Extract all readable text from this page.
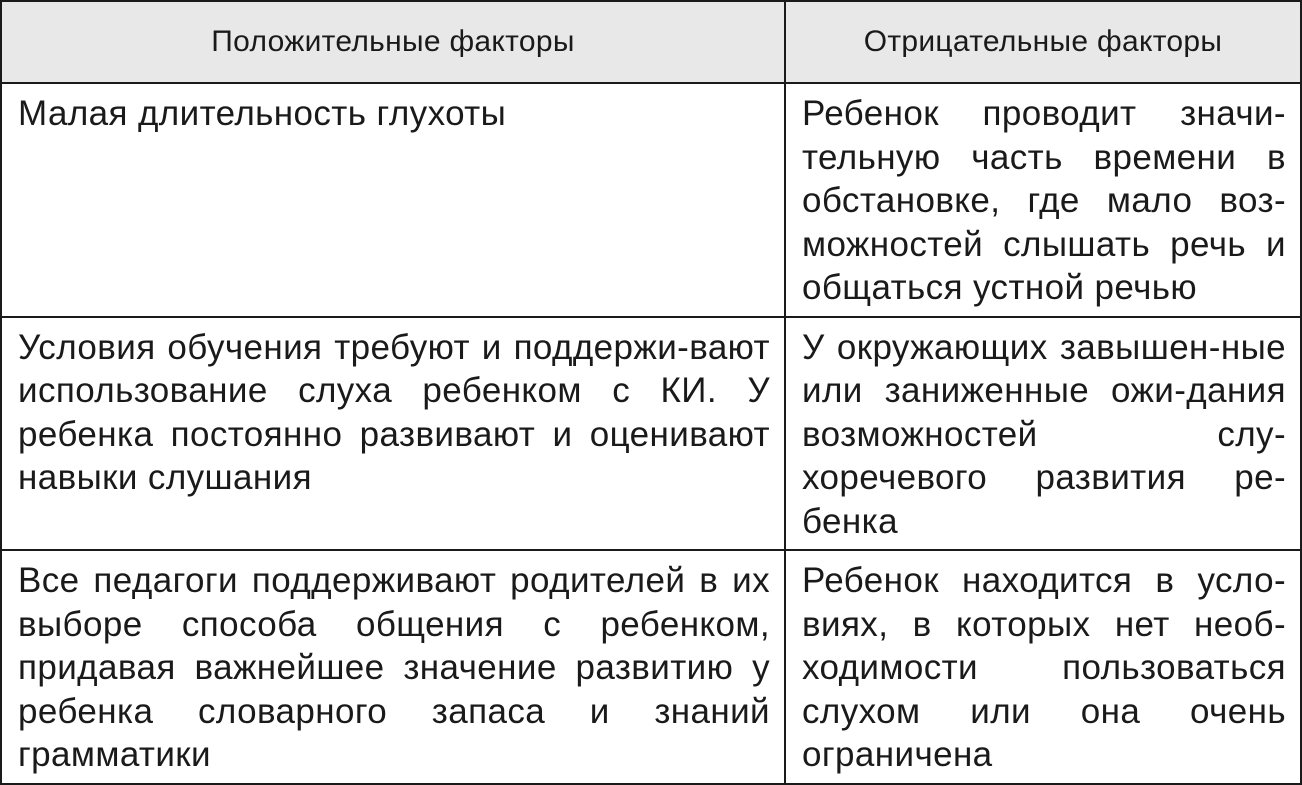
Положительные факторы	Отрицательные факторы
Малая длительность глухоты	Ребенок проводит значи-тельную часть времени в обстановке, где мало воз-можностей слышать речь и общаться устной речью
Условия обучения требуют и поддержи-вают использование слуха ребенком с КИ. У ребенка постоянно развивают и оценивают навыки слушания	У окружающих завышен-ные или заниженные ожи-дания возможностей слу-хоречевого развития ре-бенка
Все педагоги поддерживают родителей в их выборе способа общения с ребенком, придавая важнейшее значение развитию у ребенка словарного запаса и знаний грамматики	Ребенок находится в усло-виях, в которых нет необ-ходимости пользоваться слухом или она очень ограничена
